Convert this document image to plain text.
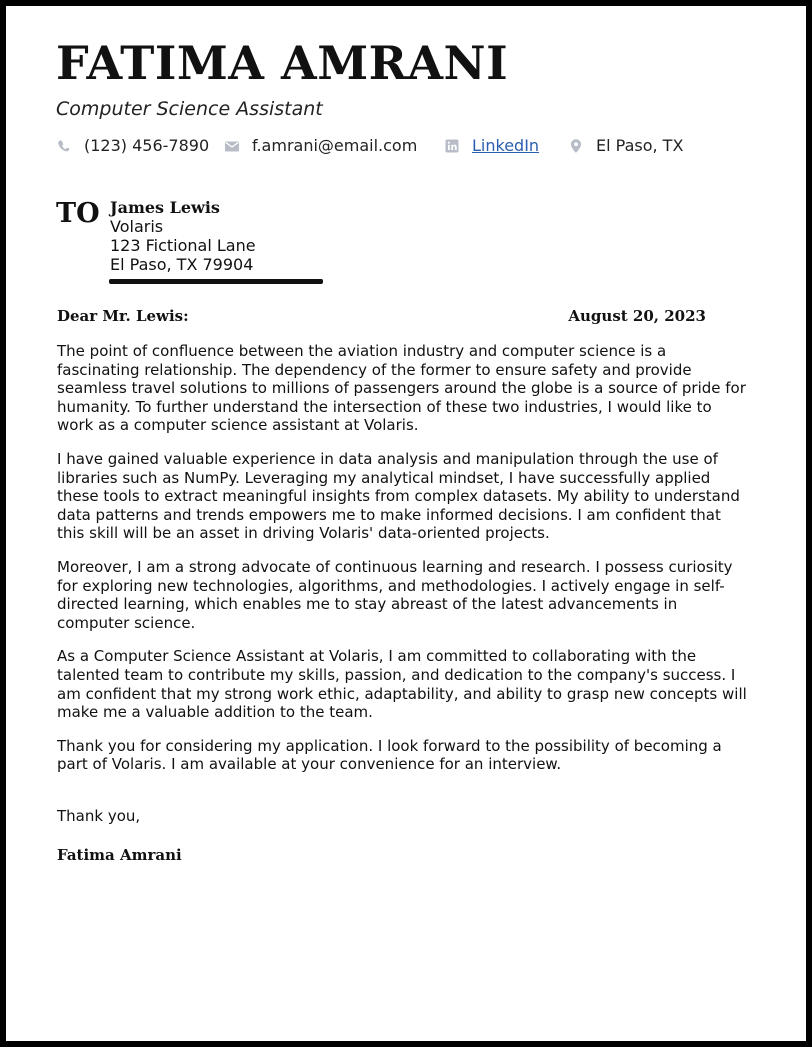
FATIMA AMRANI
Computer Science Assistant
(123) 456-7890	f.amrani@email.com	LinkedIn	El Paso, TX
TO James Lewis
Volaris
123 Fictional Lane
El Paso, TX 79904
Dear Mr. Lewis:	August 20, 2023

The point of confluence between the aviation industry and computer science is a fascinating relationship. The dependency of the former to ensure safety and provide seamless travel solutions to millions of passengers around the globe is a source of pride for humanity. To further understand the intersection of these two industries, I would like to work as a computer science assistant at Volaris.

I have gained valuable experience in data analysis and manipulation through the use of libraries such as NumPy. Leveraging my analytical mindset, I have successfully applied these tools to extract meaningful insights from complex datasets. My ability to understand data patterns and trends empowers me to make informed decisions. I am confident that this skill will be an asset in driving Volaris' data-oriented projects.

Moreover, I am a strong advocate of continuous learning and research. I possess curiosity for exploring new technologies, algorithms, and methodologies. I actively engage in self-directed learning, which enables me to stay abreast of the latest advancements in computer science.

As a Computer Science Assistant at Volaris, I am committed to collaborating with the talented team to contribute my skills, passion, and dedication to the company's success. I am confident that my strong work ethic, adaptability, and ability to grasp new concepts will make me a valuable addition to the team.

Thank you for considering my application. I look forward to the possibility of becoming a part of Volaris. I am available at your convenience for an interview.

Thank you,
Fatima Amrani
